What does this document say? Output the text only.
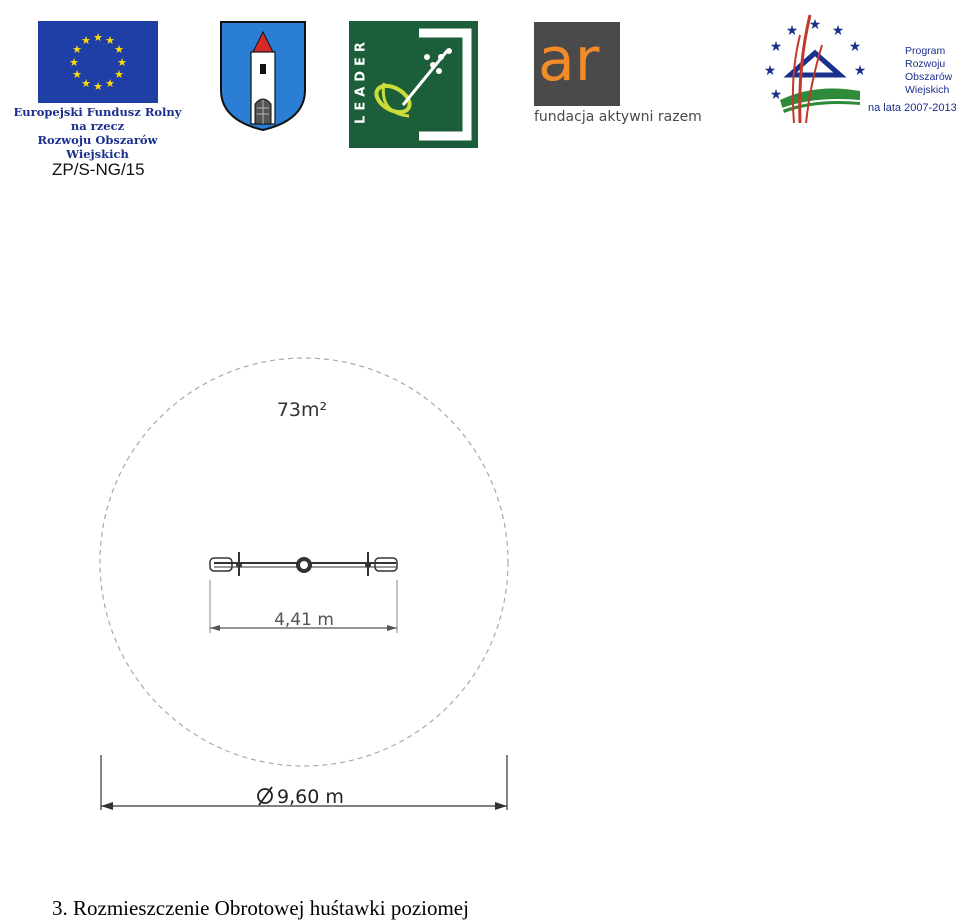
★ ★
★
★
★
★
★
★
★
★
★
★
Europejski Fundusz Rolny na rzecz
Rozwoju Obszarów Wiejskich
LEADER	ar
fundacja aktywni razem
★ ★
★
★
★
★
★
★
Program
Rozwoju
Obszarów
Wiejskich
na lata 2007-2013
ZP/S-NG/15
73m²
4,41 m
9,60 m
3. Rozmieszczenie Obrotowej huśtawki poziomej
